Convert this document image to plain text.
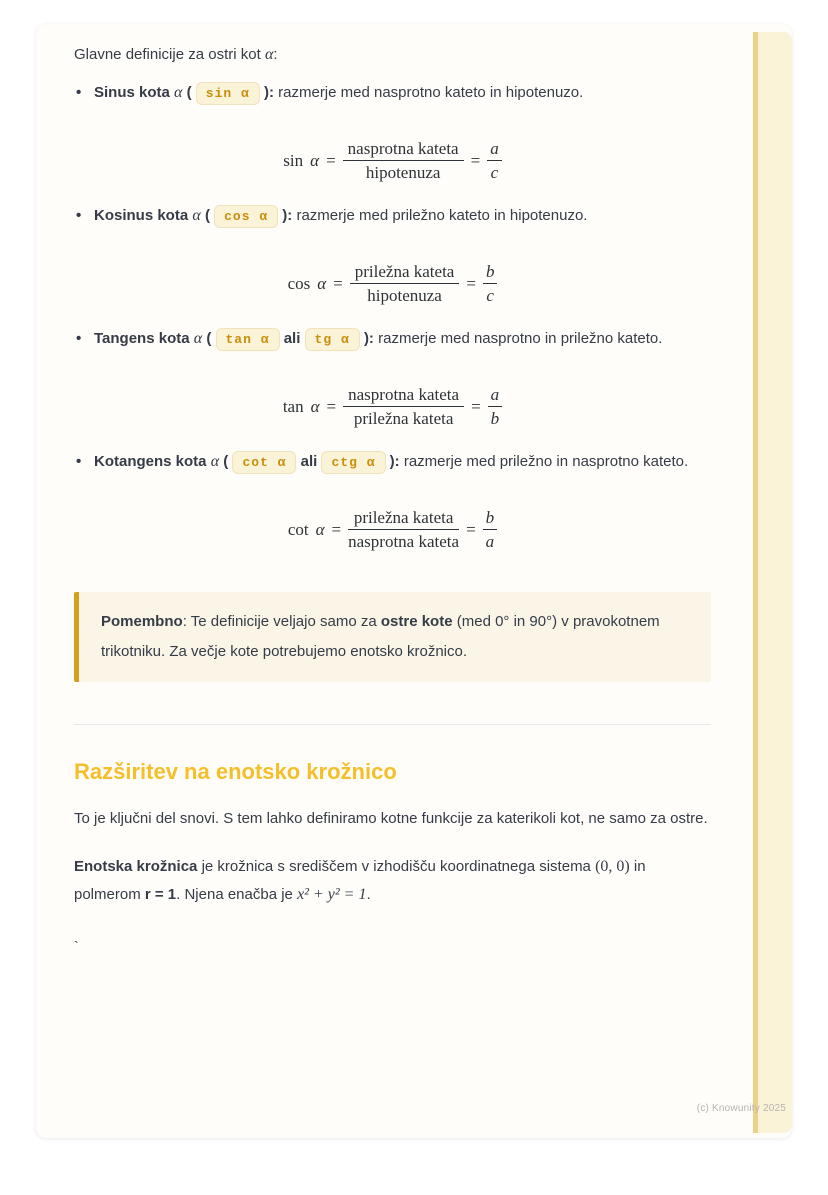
Glavne definicije za ostri kot α:

• Sinus kota α ( sin α ): razmerje med nasprotno kateto in hipotenuzo.
$\sin \alpha = \frac{\text{nasprotna kateta}}{\text{hipotenuza}} = \frac{a}{c}$
• Kosinus kota α ( cos α ): razmerje med priležno kateto in hipotenuzo.
$\cos \alpha = \frac{\text{priležna kateta}}{\text{hipotenuza}} = \frac{b}{c}$
• Tangens kota α ( tan α ali tg α ): razmerje med nasprotno in priležno kateto.
$\tan \alpha = \frac{\text{nasprotna kateta}}{\text{priležna kateta}} = \frac{a}{b}$
• Kotangens kota α ( cot α ali ctg α ): razmerje med priležno in nasprotno kateto.
$\cot \alpha = \frac{\text{priležna kateta}}{\text{nasprotna kateta}} = \frac{b}{a}$

Pomembno: Te definicije veljajo samo za ostre kote (med 0° in 90°) v pravokotnem trikotniku. Za večje kote potrebujemo enotsko krožnico.

Razširitev na enotsko krožnico

To je ključni del snovi. S tem lahko definiramo kotne funkcije za katerikoli kot, ne samo za ostre.

Enotska krožnica je krožnica s središčem v izhodišču koordinatnega sistema (0, 0) in polmerom r = 1. Njena enačba je x² + y² = 1.

`

(c) Knowunity 2025
